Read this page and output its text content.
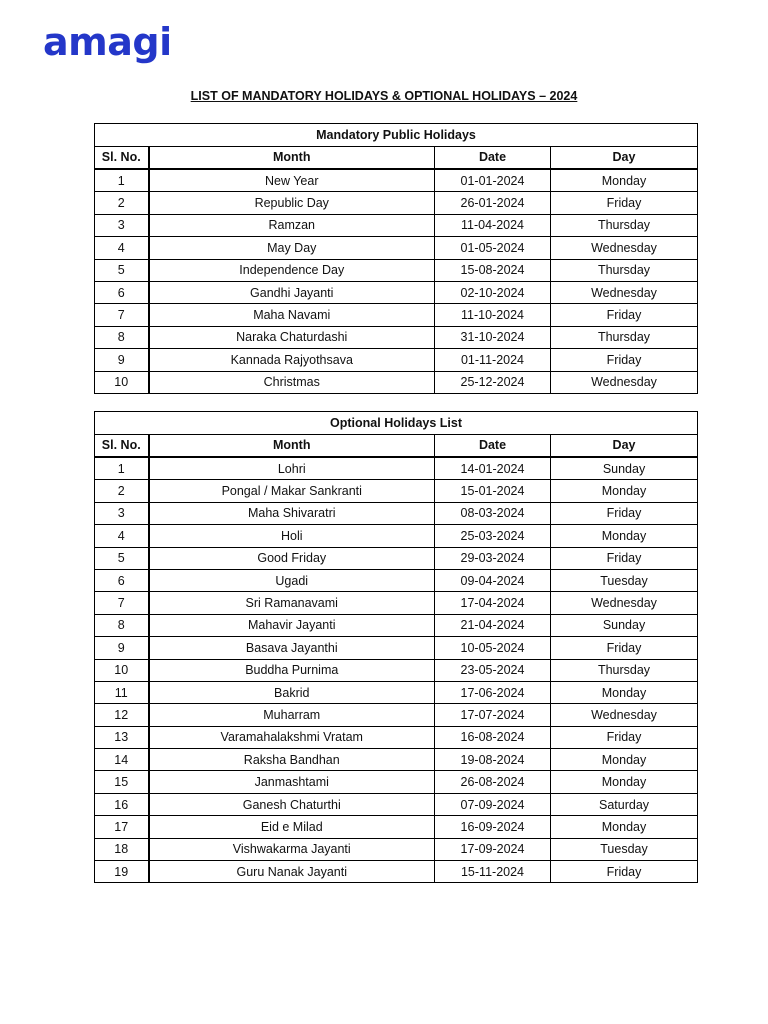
amagi
LIST OF MANDATORY HOLIDAYS & OPTIONAL HOLIDAYS – 2024
Mandatory Public Holidays			
Sl. No.	Month	Date	Day
1	New Year	01-01-2024	Monday
2	Republic Day	26-01-2024	Friday
3	Ramzan	11-04-2024	Thursday
4	May Day	01-05-2024	Wednesday
5	Independence Day	15-08-2024	Thursday
6	Gandhi Jayanti	02-10-2024	Wednesday
7	Maha Navami	11-10-2024	Friday
8	Naraka Chaturdashi	31-10-2024	Thursday
9	Kannada Rajyothsava	01-11-2024	Friday
10	Christmas	25-12-2024	Wednesday
Optional Holidays List			
Sl. No.	Month	Date	Day
1	Lohri	14-01-2024	Sunday
2	Pongal / Makar Sankranti	15-01-2024	Monday
3	Maha Shivaratri	08-03-2024	Friday
4	Holi	25-03-2024	Monday
5	Good Friday	29-03-2024	Friday
6	Ugadi	09-04-2024	Tuesday
7	Sri Ramanavami	17-04-2024	Wednesday
8	Mahavir Jayanti	21-04-2024	Sunday
9	Basava Jayanthi	10-05-2024	Friday
10	Buddha Purnima	23-05-2024	Thursday
11	Bakrid	17-06-2024	Monday
12	Muharram	17-07-2024	Wednesday
13	Varamahalakshmi Vratam	16-08-2024	Friday
14	Raksha Bandhan	19-08-2024	Monday
15	Janmashtami	26-08-2024	Monday
16	Ganesh Chaturthi	07-09-2024	Saturday
17	Eid e Milad	16-09-2024	Monday
18	Vishwakarma Jayanti	17-09-2024	Tuesday
19	Guru Nanak Jayanti	15-11-2024	Friday
